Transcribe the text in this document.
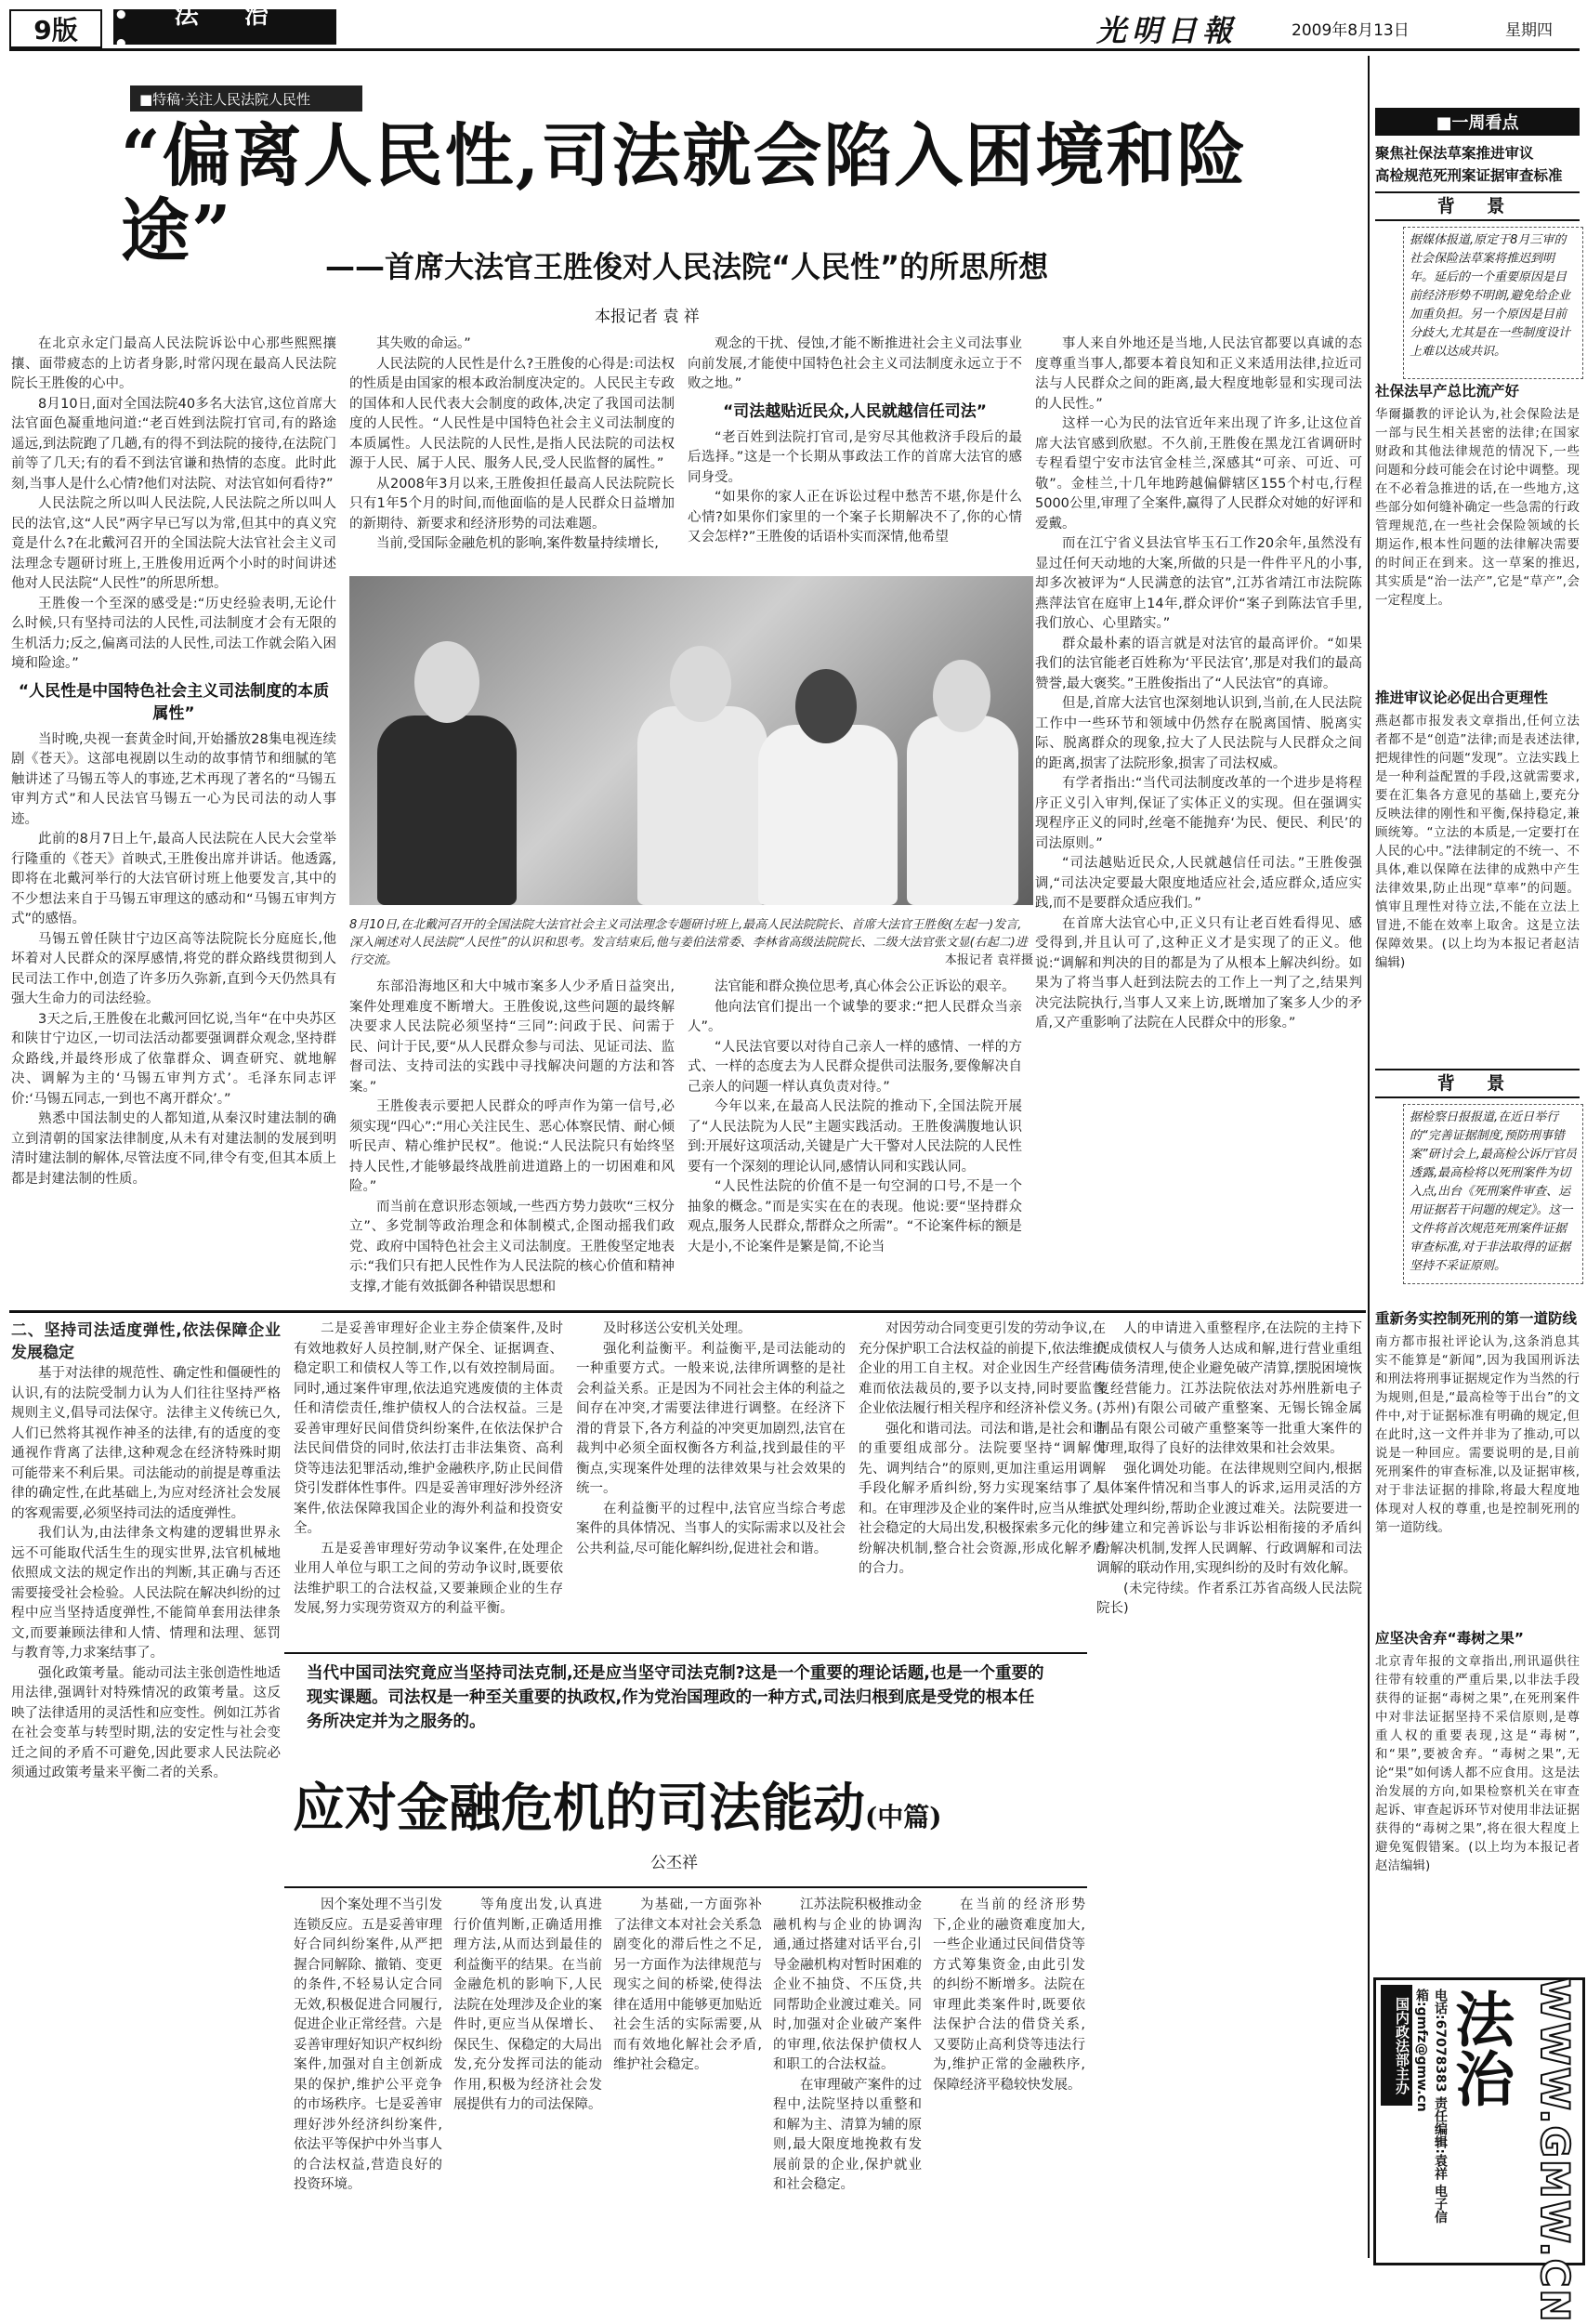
9版	• 法 治 •	光明日報	2009年8月13日	星期四
■特稿·关注人民法院人民性
“偏离人民性,司法就会陷入困境和险途”	——首席大法官王胜俊对人民法院“人民性”的所思所想
本报记者 袁 祥

在北京永定门最高人民法院诉讼中心那些熙熙攘攘、面带疲态的上访者身影,时常闪现在最高人民法院院长王胜俊的心中。

8月10日,面对全国法院40多名大法官,这位首席大法官面色凝重地问道:“老百姓到法院打官司,有的路途遥远,到法院跑了几趟,有的得不到法院的接待,在法院门前等了几天;有的看不到法官谦和热情的态度。此时此刻,当事人是什么心情?他们对法院、对法官如何看待?”

人民法院之所以叫人民法院,人民法院之所以叫人民的法官,这“人民”两字早已写以为常,但其中的真义究竟是什么?在北戴河召开的全国法院大法官社会主义司法理念专题研讨班上,王胜俊用近两个小时的时间讲述他对人民法院“人民性”的所思所想。

王胜俊一个至深的感受是:“历史经验表明,无论什么时候,只有坚持司法的人民性,司法制度才会有无限的生机活力;反之,偏离司法的人民性,司法工作就会陷入困境和险途。”

“人民性是中国特色社会主义司法制度的本质属性”

当时晚,央视一套黄金时间,开始播放28集电视连续剧《苍天》。这部电视剧以生动的故事情节和细腻的笔触讲述了马锡五等人的事迹,艺术再现了著名的“马锡五审判方式”和人民法官马锡五一心为民司法的动人事迹。

此前的8月7日上午,最高人民法院在人民大会堂举行隆重的《苍天》首映式,王胜俊出席并讲话。他透露,即将在北戴河举行的大法官研讨班上他要发言,其中的不少想法来自于马锡五审理这的感动和“马锡五审判方式”的感悟。

马锡五曾任陕甘宁边区高等法院院长分庭庭长,他坏着对人民群众的深厚感情,将党的群众路线贯彻到人民司法工作中,创造了许多历久弥新,直到今天仍然具有强大生命力的司法经验。

3天之后,王胜俊在北戴河回忆说,当年“在中央苏区和陕甘宁边区,一切司法活动都要强调群众观念,坚持群众路线,并最终形成了依靠群众、调查研究、就地解决、调解为主的‘马锡五审判方式’。毛泽东同志评价:‘马锡五同志,一到也不离开群众’。”

熟悉中国法制史的人都知道,从秦汉时建法制的确立到清朝的国家法律制度,从未有对建法制的发展到明清时建法制的解体,尽管法度不同,律令有变,但其本质上都是封建法制的性质。

其失败的命运。”

人民法院的人民性是什么?王胜俊的心得是:司法权的性质是由国家的根本政治制度决定的。人民民主专政的国体和人民代表大会制度的政体,决定了我国司法制度的人民性。“人民性是中国特色社会主义司法制度的本质属性。人民法院的人民性,是指人民法院的司法权源于人民、属于人民、服务人民,受人民监督的属性。”

从2008年3月以来,王胜俊担任最高人民法院院长只有1年5个月的时间,而他面临的是人民群众日益增加的新期待、新要求和经济形势的司法难题。

当前,受国际金融危机的影响,案件数量持续增长,

观念的干扰、侵蚀,才能不断推进社会主义司法事业向前发展,才能使中国特色社会主义司法制度永远立于不败之地。”

“司法越贴近民众,人民就越信任司法”

“老百姓到法院打官司,是穷尽其他救济手段后的最后选择。”这是一个长期从事政法工作的首席大法官的感同身受。

“如果你的家人正在诉讼过程中愁苦不堪,你是什么心情?如果你们家里的一个案子长期解决不了,你的心情又会怎样?”王胜俊的话语朴实而深情,他希望

事人来自外地还是当地,人民法官都要以真诚的态度尊重当事人,都要本着良知和正义来适用法律,拉近司法与人民群众之间的距离,最大程度地彰显和实现司法的人民性。”

这样一心为民的法官近年来出现了许多,让这位首席大法官感到欣慰。不久前,王胜俊在黑龙江省调研时专程看望宁安市法官金桂兰,深感其“可亲、可近、可敬”。金桂兰,十几年地跨越偏僻辖区155个村屯,行程5000公里,审理了全案件,赢得了人民群众对她的好评和爱戴。

而在江宁省义县法官毕玉石工作20余年,虽然没有显过任何天动地的大案,所做的只是一件件平凡的小事,却多次被评为“人民满意的法官”,江苏省靖江市法院陈燕萍法官在庭审上14年,群众评价“案子到陈法官手里,我们放心、心里踏实。”

群众最朴素的语言就是对法官的最高评价。“如果我们的法官能老百姓称为‘平民法官’,那是对我们的最高赞誉,最大褒奖。”王胜俊指出了“人民法官”的真谛。

但是,首席大法官也深刻地认识到,当前,在人民法院工作中一些环节和领域中仍然存在脱离国情、脱离实际、脱离群众的现象,拉大了人民法院与人民群众之间的距离,损害了法院形象,损害了司法权威。

有学者指出:“当代司法制度改革的一个进步是将程序正义引入审判,保证了实体正义的实现。但在强调实现程序正义的同时,丝毫不能抛弃‘为民、便民、利民’的司法原则。”

“司法越贴近民众,人民就越信任司法。”王胜俊强调,“司法决定要最大限度地适应社会,适应群众,适应实践,而不是要群众适应我们。”

在首席大法官心中,正义只有让老百姓看得见、感受得到,并且认可了,这种正义才是实现了的正义。他说:“调解和判决的目的都是为了从根本上解决纠纷。如果为了将当事人赶到法院去的工作上一判了之,结果判决完法院执行,当事人又来上访,既增加了案多人少的矛盾,又产重影响了法院在人民群众中的形象。”

8月10日,在北戴河召开的全国法院大法官社会主义司法理念专题研讨班上,最高人民法院院长、首席大法官王胜俊(左起一)发言,深入阐述对人民法院“人民性”的认识和思考。发言结束后,他与姜伯法常委、李林省高级法院院长、二级大法官张文显(右起二)进行交流。	本报记者 袁祥摄

东部沿海地区和大中城市案多人少矛盾日益突出,案件处理难度不断增大。王胜俊说,这些问题的最终解决要求人民法院必须坚持“三同”:问政于民、问需于民、问计于民,要“从人民群众参与司法、见证司法、监督司法、支持司法的实践中寻找解决问题的方法和答案。”

王胜俊表示要把人民群众的呼声作为第一信号,必须实现“四心”:“用心关注民生、恶心体察民情、耐心倾听民声、精心维护民权”。他说:“人民法院只有始终坚持人民性,才能够最终战胜前进道路上的一切困难和风险。”

而当前在意识形态领域,一些西方势力鼓吹“三权分立”、多党制等政治理念和体制模式,企图动摇我们政党、政府中国特色社会主义司法制度。王胜俊坚定地表示:“我们只有把人民性作为人民法院的核心价值和精神支撑,才能有效抵御各种错误思想和

法官能和群众换位思考,真心体会公正诉讼的艰辛。

他向法官们提出一个诚挚的要求:“把人民群众当亲人”。

“人民法官要以对待自己亲人一样的感情、一样的方式、一样的态度去为人民群众提供司法服务,要像解决自己亲人的问题一样认真负责对待。”

今年以来,在最高人民法院的推动下,全国法院开展了“人民法院为人民”主题实践活动。王胜俊满腹地认识到:开展好这项活动,关键是广大干警对人民法院的人民性要有一个深刻的理论认同,感情认同和实践认同。

“人民性法院的价值不是一句空洞的口号,不是一个抽象的概念。”而是实实在在的表现。他说:要“坚持群众观点,服务人民群众,帮群众之所需”。“不论案件标的额是大是小,不论案件是繁是简,不论当

■一周看点
聚焦社保法草案推进审议
高检规范死刑案证据审查标准
背 景
据媒体报道,原定于8月三审的社会保险法草案将推迟到明年。延后的一个重要原因是目前经济形势不明朗,避免给企业加重负担。另一个原因是目前分歧大,尤其是在一些制度设计上难以达成共识。
社保法早产总比流产好
华爾攝教的评论认为,社会保险法是一部与民生相关甚密的法律;在国家财政和其他法律规范的情况下,一些问题和分歧可能会在讨论中调整。现在不必着急推进的话,在一些地方,这些部分如何缝补确定一些急需的行政管理规范,在一些社会保险领域的长期运作,根本性问题的法律解决需要的时间正在到来。这一草案的推迟,其实质是“治一法产”,它是“草产”,会一定程度上。
推进审议论必促出合更理性
燕赵都市报发表文章指出,任何立法者都不是“创造”法律;而是表述法律,把规律性的问题“发现”。立法实践上是一种利益配置的手段,这就需要求,要在汇集各方意见的基础上,要充分反映法律的刚性和平衡,保持稳定,兼顾统筹。“立法的本质是,一定要打在人民的心中。”法律制定的不统一、不具体,难以保障在法律的成熟中产生法律效果,防止出现“草率”的问题。慎审且理性对待立法,不能在立法上冒进,不能在效率上取舍。这是立法保障效果。(以上均为本报记者赵洁编辑)
背 景
据检察日报报道,在近日举行的“完善证据制度,预防刑事错案”研讨会上,最高检公诉厅官员透露,最高检将以死刑案件为切入点,出台《死刑案件审查、运用证据若干问题的规定》。这一文件将首次规范死刑案件证据审查标准,对于非法取得的证据坚持不采证原则。
重新务实控制死刑的第一道防线
南方都市报社评论认为,这条消息其实不能算是“新闻”,因为我国刑诉法和刑法将刑事证据规定作为当然的行为规则,但是,“最高检等于出台”的文件中,对于证据标准有明确的规定,但在此时,这一文件并非为了推动,可以说是一种回应。需要说明的是,目前死刑案件的审查标准,以及证据审核,对于非法证据的排除,将最大程度地体现对人权的尊重,也是控制死刑的第一道防线。
应坚决舍弃“毒树之果”
北京青年报的文章指出,刑讯逼供往往带有较重的严重后果,以非法手段获得的证据“毒树之果”,在死刑案件中对非法证据坚持不采信原则,是尊重人权的重要表现,这是“毒树”,和“果”,要被舍弃。“毒树之果”,无论“果”如何诱人都不应食用。这是法治发展的方向,如果检察机关在审查起诉、审查起诉环节对使用非法证据获得的“毒树之果”,将在很大程度上避免冤假错案。(以上均为本报记者赵洁编辑)
二、坚持司法适度弹性,依法保障企业发展稳定

基于对法律的规范性、确定性和僵硬性的认识,有的法院受制力认为人们往往坚持严格规则主义,倡导司法保守。法律主义传统已久,人们已然将其视作神圣的法律,有的适度的变通视作背离了法律,这种观念在经济特殊时期可能带来不利后果。司法能动的前提是尊重法律的确定性,在此基础上,为应对经济社会发展的客观需要,必须坚持司法的适度弹性。

我们认为,由法律条文构建的逻辑世界永远不可能取代活生生的现实世界,法官机械地依照成文法的规定作出的判断,其正确与否还需要接受社会检验。人民法院在解决纠纷的过程中应当坚持适度弹性,不能简单套用法律条文,而要兼顾法律和人情、情理和法理、惩罚与教育等,力求案结事了。

强化政策考量。能动司法主张创造性地适用法律,强调针对特殊情况的政策考量。这反映了法律适用的灵活性和应变性。例如江苏省在社会变革与转型时期,法的安定性与社会变迁之间的矛盾不可避免,因此要求人民法院必须通过政策考量来平衡二者的关系。

二是妥善审理好企业主券企债案件,及时有效地救好人员控制,财产保全、证据调查、稳定职工和债权人等工作,以有效控制局面。同时,通过案件审理,依法追究逃废债的主体责任和清偿责任,维护债权人的合法权益。三是妥善审理好民间借贷纠纷案件,在依法保护合法民间借贷的同时,依法打击非法集资、高利贷等违法犯罪活动,维护金融秩序,防止民间借贷引发群体性事件。四是妥善审理好涉外经济案件,依法保障我国企业的海外利益和投资安全。

五是妥善审理好劳动争议案件,在处理企业用人单位与职工之间的劳动争议时,既要依法维护职工的合法权益,又要兼顾企业的生存发展,努力实现劳资双方的利益平衡。

及时移送公安机关处理。

强化利益衡平。利益衡平,是司法能动的一种重要方式。一般来说,法律所调整的是社会利益关系。正是因为不同社会主体的利益之间存在冲突,才需要法律进行调整。在经济下滑的背景下,各方利益的冲突更加剧烈,法官在裁判中必须全面权衡各方利益,找到最佳的平衡点,实现案件处理的法律效果与社会效果的统一。

在利益衡平的过程中,法官应当综合考虑案件的具体情况、当事人的实际需求以及社会公共利益,尽可能化解纠纷,促进社会和谐。

对因劳动合同变更引发的劳动争议,在充分保护职工合法权益的前提下,依法维护企业的用工自主权。对企业因生产经营困难而依法裁员的,要予以支持,同时要监督企业依法履行相关程序和经济补偿义务。

强化和谐司法。司法和谐,是社会和谐的重要组成部分。法院要坚持“调解优先、调判结合”的原则,更加注重运用调解手段化解矛盾纠纷,努力实现案结事了人和。在审理涉及企业的案件时,应当从维护社会稳定的大局出发,积极探索多元化的纠纷解决机制,整合社会资源,形成化解矛盾的合力。

人的申请进入重整程序,在法院的主持下促成债权人与债务人达成和解,进行营业重组与债务清理,使企业避免破产清算,摆脱困境恢复经营能力。江苏法院依法对苏州胜新电子(苏州)有限公司破产重整案、无锡长锦金属制品有限公司破产重整案等一批重大案件的审理,取得了良好的法律效果和社会效果。

强化调处功能。在法律规则空间内,根据具体案件情况和当事人的诉求,运用灵活的方式处理纠纷,帮助企业渡过难关。法院要进一步建立和完善诉讼与非诉讼相衔接的矛盾纠纷解决机制,发挥人民调解、行政调解和司法调解的联动作用,实现纠纷的及时有效化解。

(未完待续。作者系江苏省高级人民法院院长)

当代中国司法究竟应当坚持司法克制,还是应当坚守司法克制?这是一个重要的理论话题,也是一个重要的现实课题。司法权是一种至关重要的执政权,作为党治国理政的一种方式,司法归根到底是受党的根本任务所决定并为之服务的。
应对金融危机的司法能动(中篇)
公丕祥

因个案处理不当引发连锁反应。五是妥善审理好合同纠纷案件,从严把握合同解除、撤销、变更的条件,不轻易认定合同无效,积极促进合同履行,促进企业正常经营。六是妥善审理好知识产权纠纷案件,加强对自主创新成果的保护,维护公平竞争的市场秩序。七是妥善审理好涉外经济纠纷案件,依法平等保护中外当事人的合法权益,营造良好的投资环境。

等角度出发,认真进行价值判断,正确适用推理方法,从而达到最佳的利益衡平的结果。在当前金融危机的影响下,人民法院在处理涉及企业的案件时,更应当从保增长、保民生、保稳定的大局出发,充分发挥司法的能动作用,积极为经济社会发展提供有力的司法保障。

为基础,一方面弥补了法律文本对社会关系急剧变化的滞后性之不足,另一方面作为法律规范与现实之间的桥梁,使得法律在适用中能够更加贴近社会生活的实际需要,从而有效地化解社会矛盾,维护社会稳定。

江苏法院积极推动金融机构与企业的协调沟通,通过搭建对话平台,引导金融机构对暂时困难的企业不抽贷、不压贷,共同帮助企业渡过难关。同时,加强对企业破产案件的审理,依法保护债权人和职工的合法权益。

在审理破产案件的过程中,法院坚持以重整和和解为主、清算为辅的原则,最大限度地挽救有发展前景的企业,保护就业和社会稳定。

在当前的经济形势下,企业的融资难度加大,一些企业通过民间借贷等方式筹集资金,由此引发的纠纷不断增多。法院在审理此类案件时,既要依法保护合法的借贷关系,又要防止高利贷等违法行为,维护正常的金融秩序,保障经济平稳较快发展。	国内政法部主办	电话:67078383 责任编辑:袁祥 电子信箱:gmfz@gmw.cn 法治 WWW.GMW.CN
